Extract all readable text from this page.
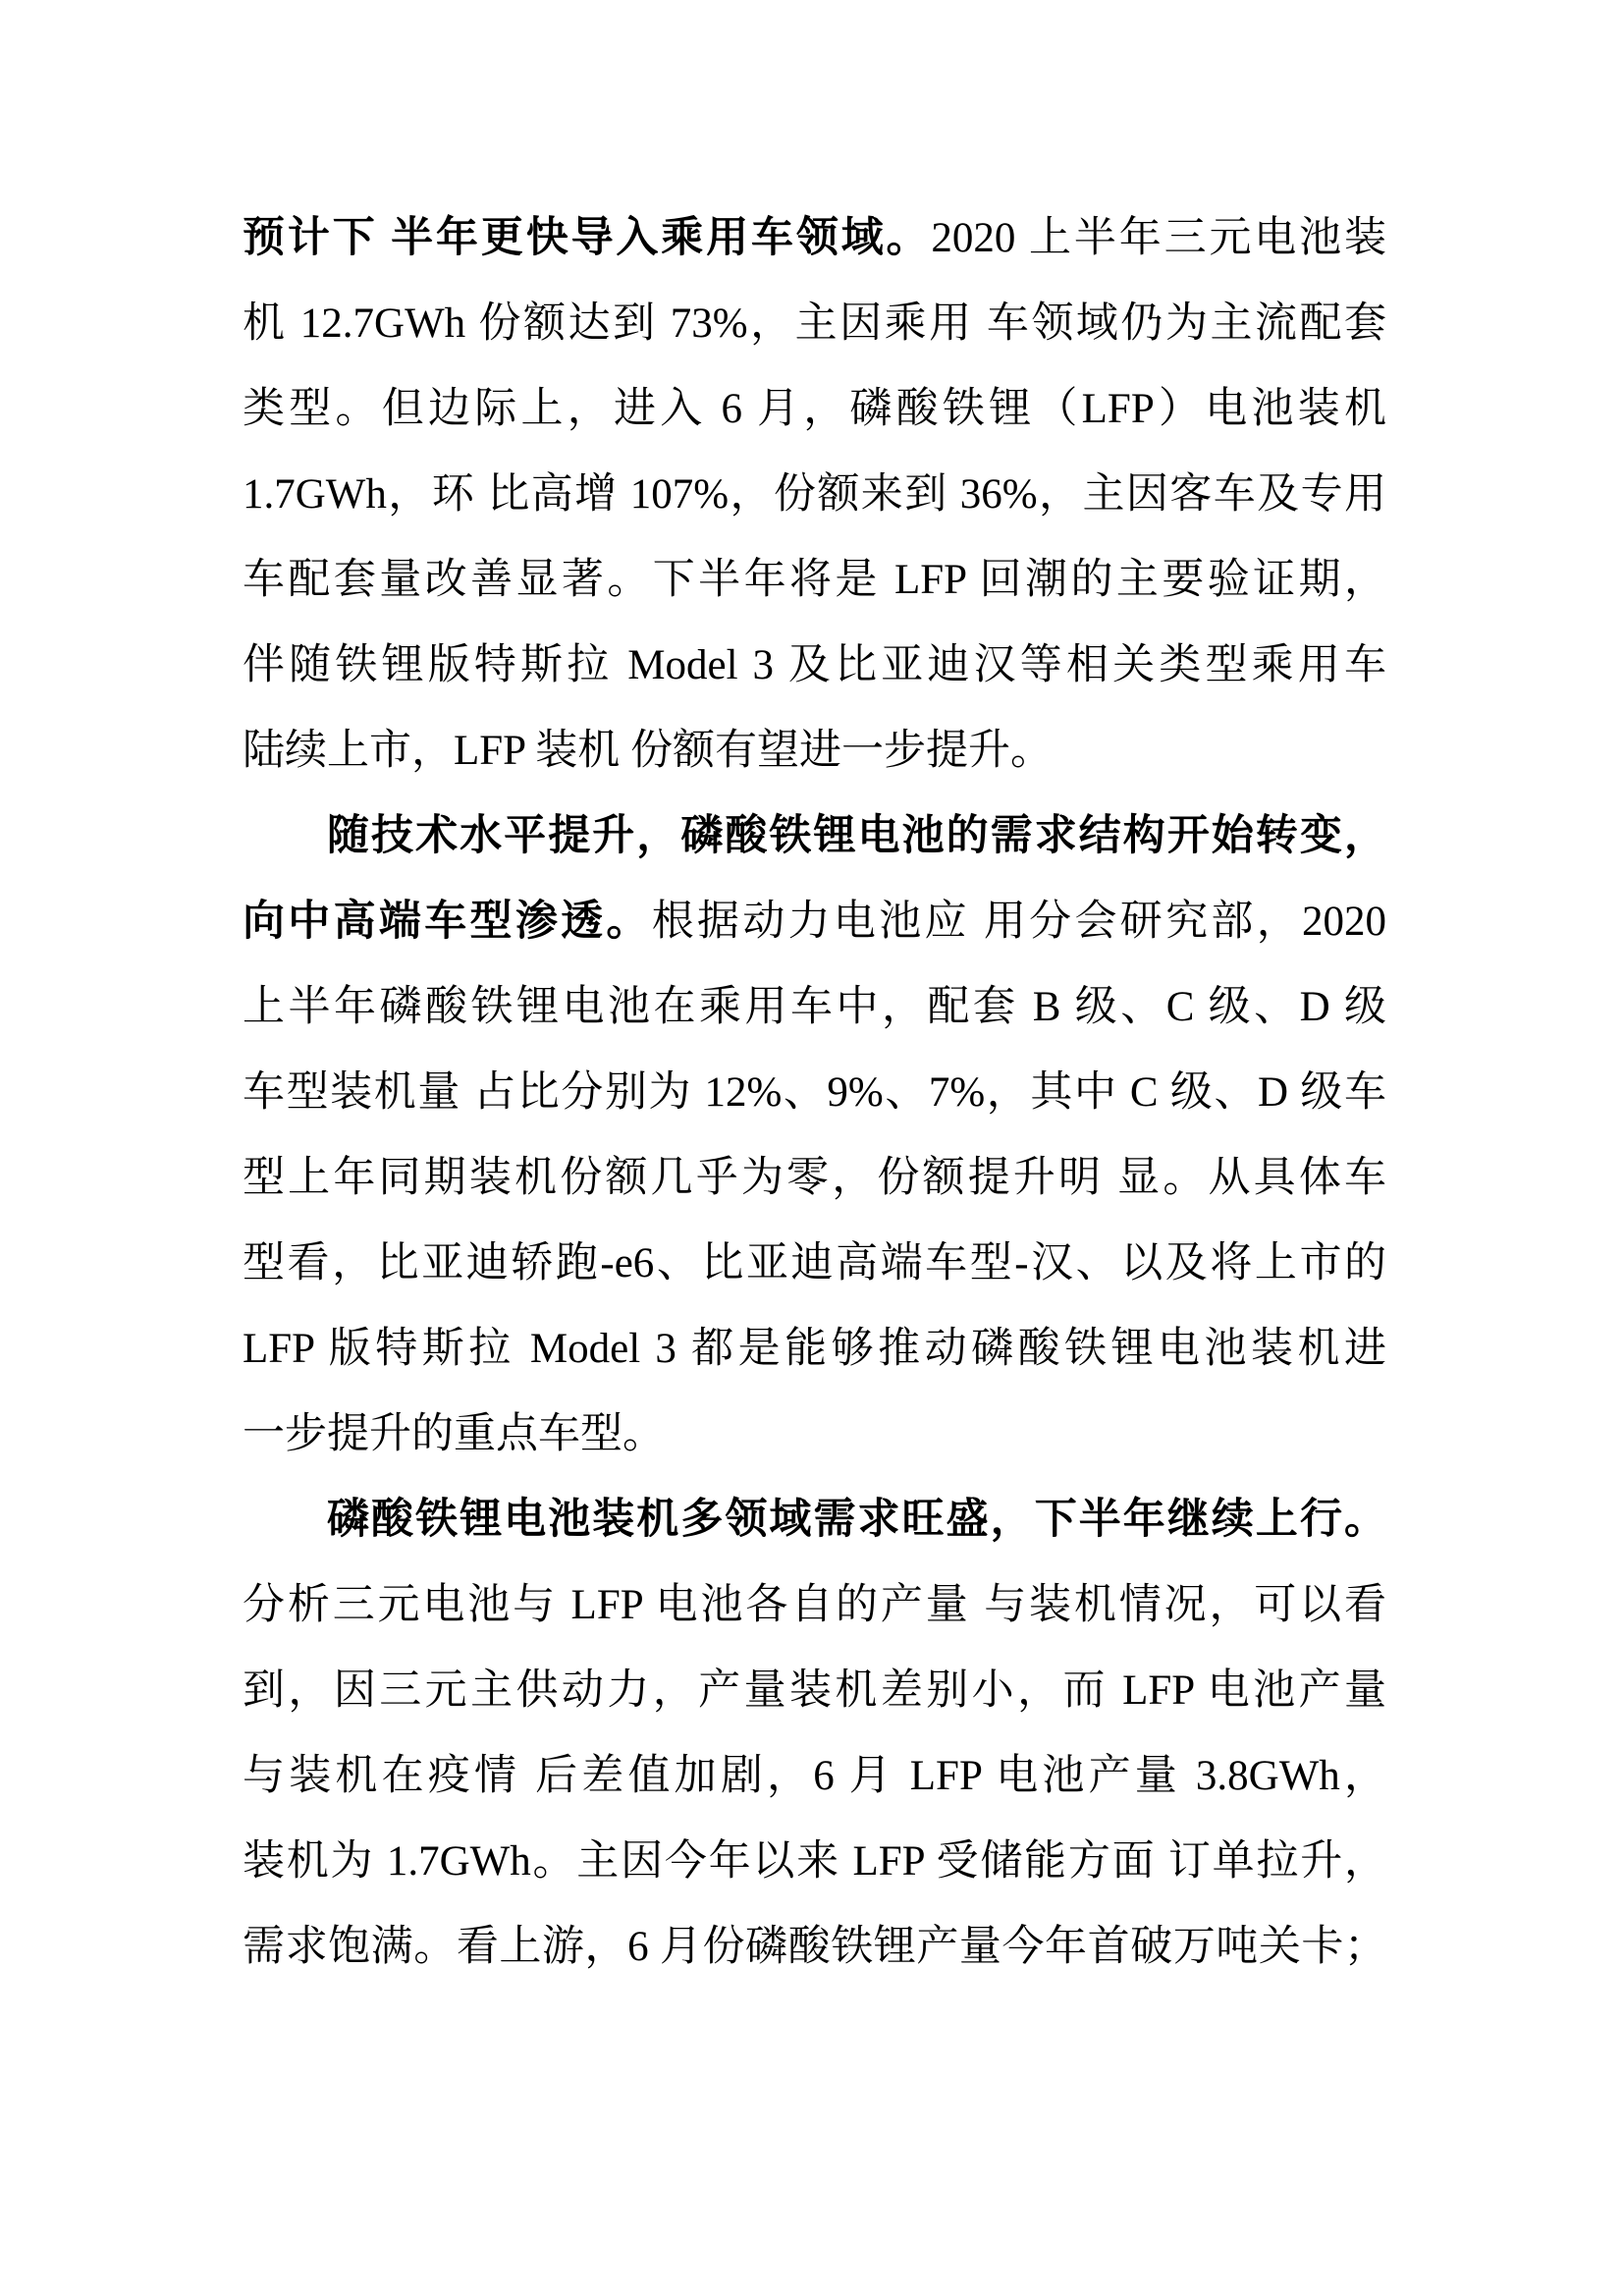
预计下 半年更快导入乘用车领域。2020 上半年三元电池装
机 12.7GWh 份额达到 73%，主因乘用 车领域仍为主流配套
类型。但边际上，进入 6 月，磷酸铁锂（LFP）电池装机
1.7GWh，环 比高增 107%，份额来到 36%，主因客车及专用
车配套量改善显著。下半年将是 LFP 回潮的主要验证期，
伴随铁锂版特斯拉 Model 3 及比亚迪汉等相关类型乘用车
陆续上市，LFP 装机 份额有望进一步提升。
随技术水平提升，磷酸铁锂电池的需求结构开始转变，
向中高端车型渗透。根据动力电池应 用分会研究部，2020
上半年磷酸铁锂电池在乘用车中，配套 B 级、C 级、D 级
车型装机量 占比分别为 12%、9%、7%，其中 C 级、D 级车
型上年同期装机份额几乎为零，份额提升明 显。从具体车
型看，比亚迪轿跑-e6、比亚迪高端车型-汉、以及将上市的
LFP 版特斯拉 Model 3 都是能够推动磷酸铁锂电池装机进
一步提升的重点车型。
磷酸铁锂电池装机多领域需求旺盛，下半年继续上行。
分析三元电池与 LFP 电池各自的产量 与装机情况，可以看
到，因三元主供动力，产量装机差别小，而 LFP 电池产量
与装机在疫情 后差值加剧，6 月 LFP 电池产量 3.8GWh，
装机为 1.7GWh。主因今年以来 LFP 受储能方面 订单拉升，
需求饱满。看上游，6 月份磷酸铁锂产量今年首破万吨关卡；
